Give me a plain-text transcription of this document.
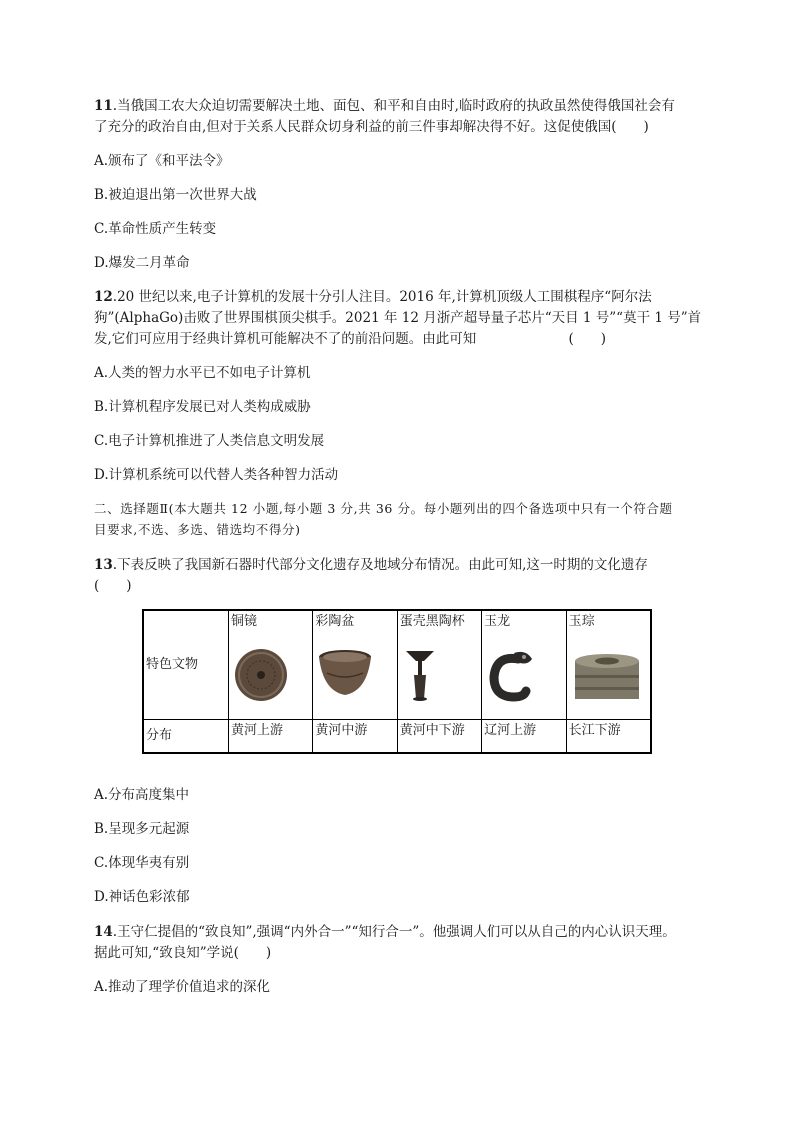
11.当俄国工农大众迫切需要解决土地、面包、和平和自由时,临时政府的执政虽然使得俄国社会有
了充分的政治自由,但对于关系人民群众切身利益的前三件事却解决得不好。这促使俄国(　　)
A.颁布了《和平法令》
B.被迫退出第一次世界大战
C.革命性质产生转变
D.爆发二月革命
12.20 世纪以来,电子计算机的发展十分引人注目。2016 年,计算机顶级人工围棋程序“阿尔法
狗”(AlphaGo)击败了世界围棋顶尖棋手。2021 年 12 月浙产超导量子芯片“天目 1 号”“莫干 1 号”首
发,它们可应用于经典计算机可能解决不了的前沿问题。由此可知	(　　)
A.人类的智力水平已不如电子计算机
B.计算机程序发展已对人类构成威胁
C.电子计算机推进了人类信息文明发展
D.计算机系统可以代替人类各种智力活动
二、选择题Ⅱ(本大题共 12 小题,每小题 3 分,共 36 分。每小题列出的四个备选项中只有一个符合题
目要求,不选、多选、错选均不得分)
13.下表反映了我国新石器时代部分文化遗存及地域分布情况。由此可知,这一时期的文化遗存
(　　)
特色文物	铜镜	彩陶盆	蛋壳黑陶杯	玉龙	玉琮

分布	黄河上游	黄河中游	黄河中下游	辽河上游	长江下游
A.分布高度集中
B.呈现多元起源
C.体现华夷有别
D.神话色彩浓郁
14.王守仁提倡的“致良知”,强调“内外合一”“知行合一”。他强调人们可以从自己的内心认识天理。
据此可知,“致良知”学说(　　)
A.推动了理学价值追求的深化
